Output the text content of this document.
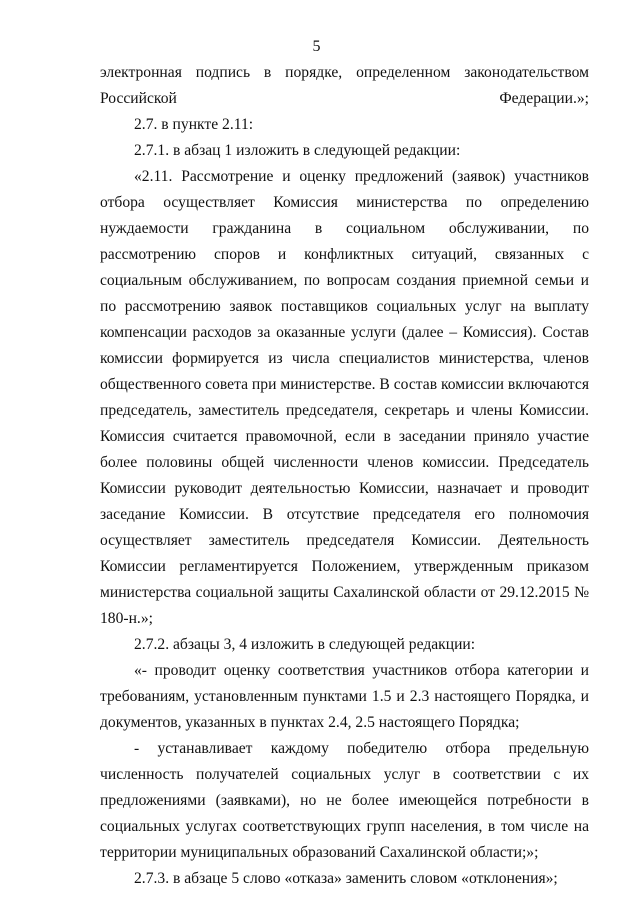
5

электронная подпись в порядке, определенном законодательством Российской Федерации.»;

2.7. в пункте 2.11:

2.7.1. в абзац 1 изложить в следующей редакции:

«2.11. Рассмотрение и оценку предложений (заявок) участников отбора осуществляет Комиссия министерства по определению нуждаемости гражданина в социальном обслуживании, по рассмотрению споров и конфликтных ситуаций, связанных с социальным обслуживанием, по вопросам создания приемной семьи и по рассмотрению заявок поставщиков социальных услуг на выплату компенсации расходов за оказанные услуги (далее – Комиссия). Состав комиссии формируется из числа специалистов министерства, членов общественного совета при министерстве. В состав комиссии включаются председатель, заместитель председателя, секретарь и члены Комиссии. Комиссия считается правомочной, если в заседании приняло участие более половины общей численности членов комиссии. Председатель Комиссии руководит деятельностью Комиссии, назначает и проводит заседание Комиссии. В отсутствие председателя его полномочия осуществляет заместитель председателя Комиссии. Деятельность Комиссии регламентируется Положением, утвержденным приказом министерства социальной защиты Сахалинской области от 29.12.2015 № 180-н.»;

2.7.2. абзацы 3, 4 изложить в следующей редакции:

«- проводит оценку соответствия участников отбора категории и требованиям, установленным пунктами 1.5 и 2.3 настоящего Порядка, и документов, указанных в пунктах 2.4, 2.5 настоящего Порядка;

- устанавливает каждому победителю отбора предельную численность получателей социальных услуг в соответствии с их предложениями (заявками), но не более имеющейся потребности в социальных услугах соответствующих групп населения, в том числе на территории муниципальных образований Сахалинской области;»;

2.7.3. в абзаце 5 слово «отказа» заменить словом «отклонения»;
